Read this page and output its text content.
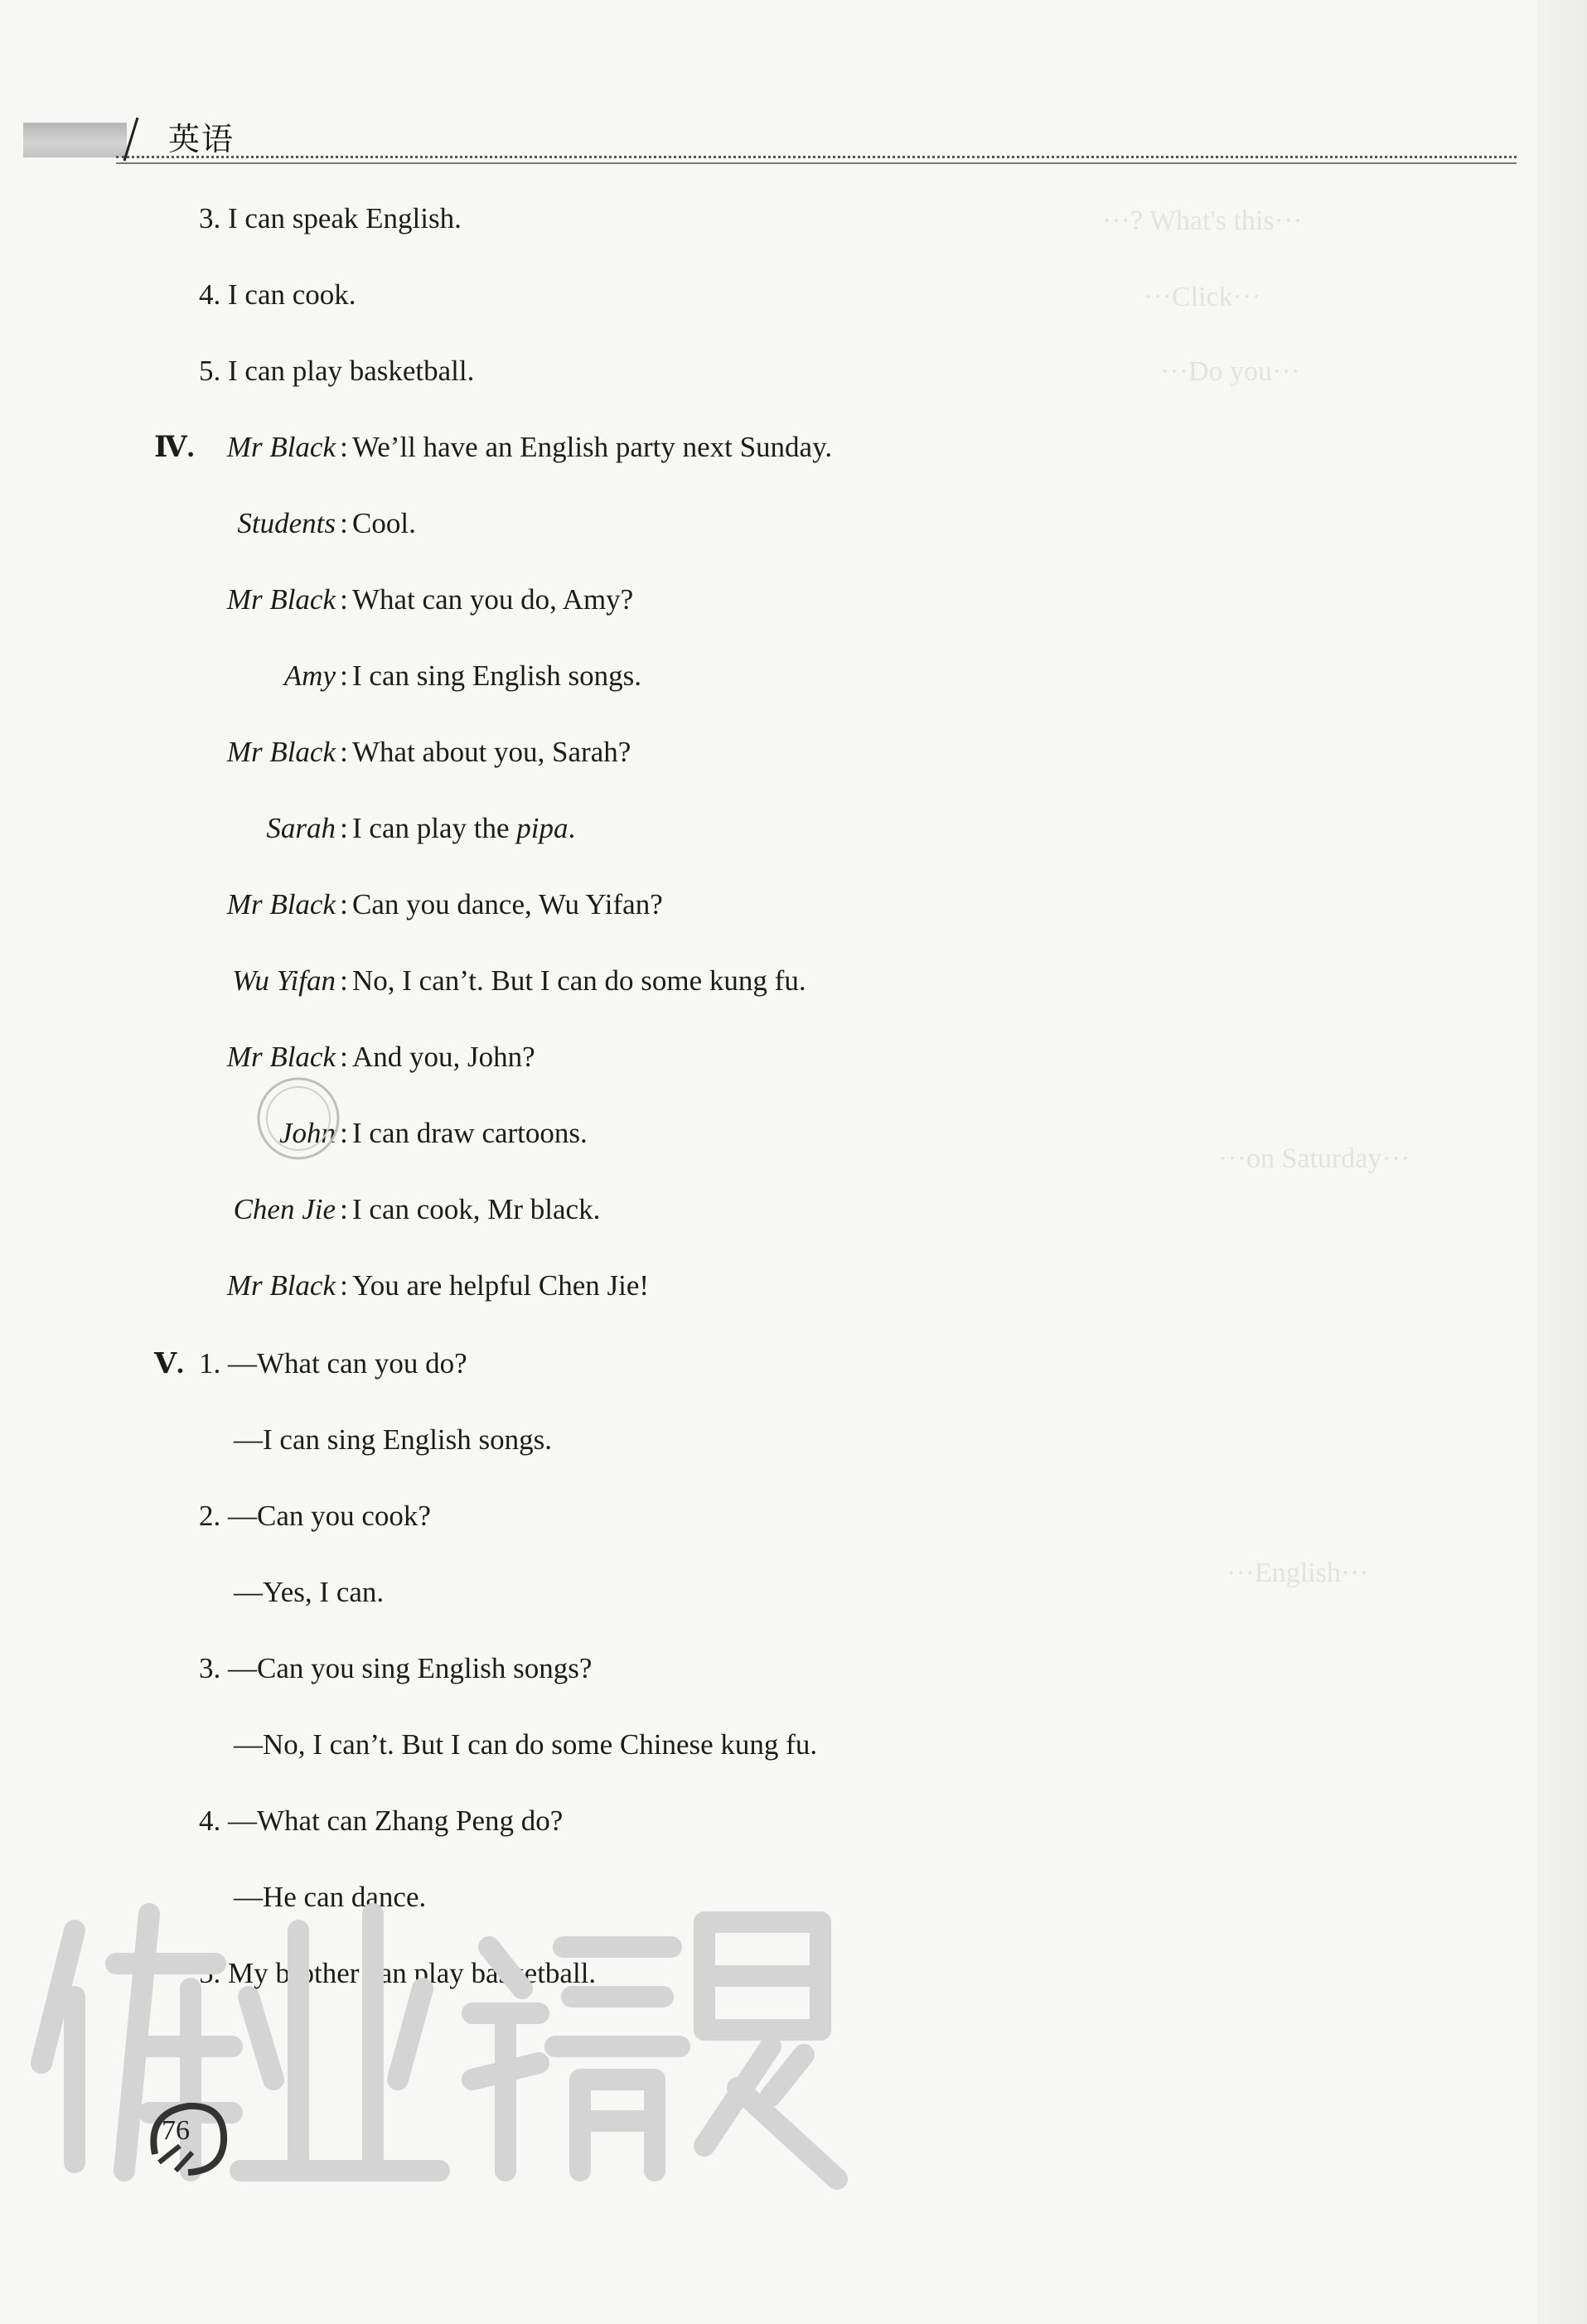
英语
···? What's this···
···Click···
···Do you···
···on Saturday···
···English···
3. I can speak English.
4. I can cook.
5. I can play basketball.
Ⅳ.	Mr Black : We’ll have an English party next Sunday.
Students : Cool.
Mr Black : What can you do, Amy?
Amy : I can sing English songs.
Mr Black : What about you, Sarah?
Sarah : I can play the pipa.
Mr Black : Can you dance, Wu Yifan?
Wu Yifan : No, I can’t. But I can do some kung fu.
Mr Black : And you, John?
John : I can draw cartoons.
Chen Jie : I can cook, Mr black.
Mr Black : You are helpful Chen Jie!
Ⅴ. 1. —What can you do?
—I can sing English songs.
2. —Can you cook?
—Yes, I can.
3. —Can you sing English songs?
—No, I can’t. But I can do some Chinese kung fu.
4. —What can Zhang Peng do?
—He can dance.
5. My brother can play basketball.
76
